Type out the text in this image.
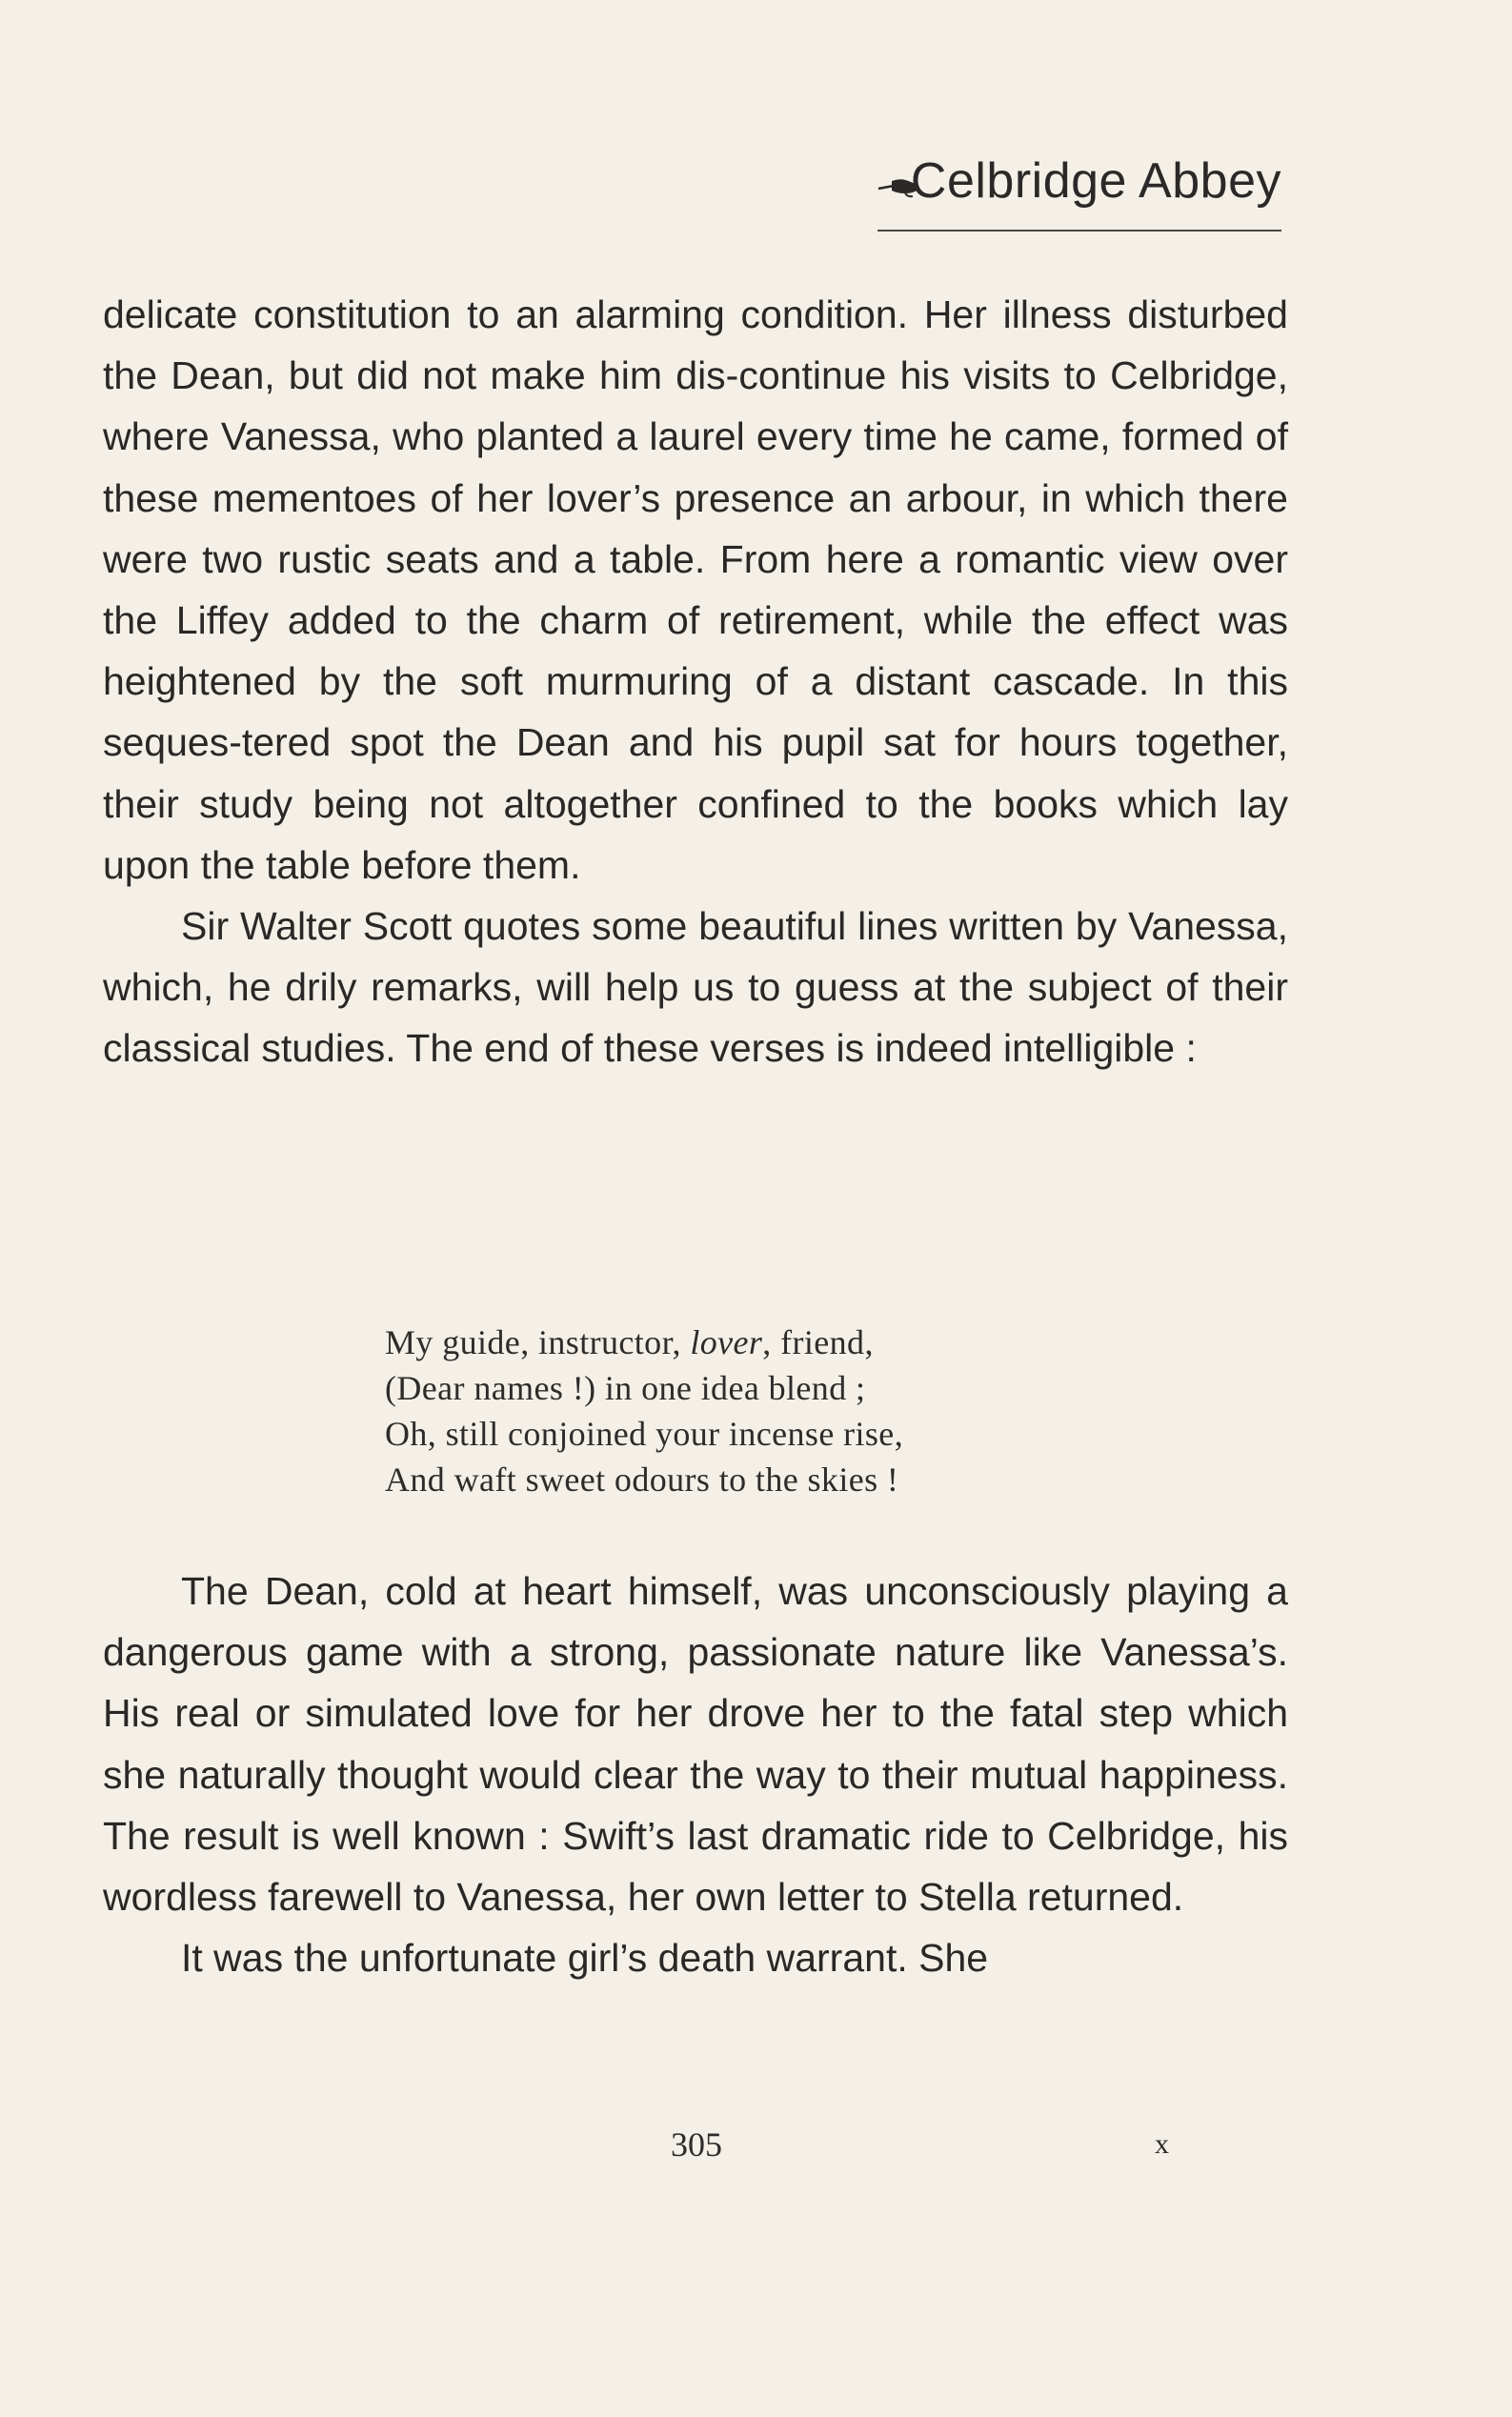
Celbridge Abbey

delicate constitution to an alarming condition. Her illness disturbed the Dean, but did not make him dis-continue his visits to Celbridge, where Vanessa, who planted a laurel every time he came, formed of these mementoes of her lover’s presence an arbour, in which there were two rustic seats and a table. From here a romantic view over the Liffey added to the charm of retirement, while the effect was heightened by the soft murmuring of a distant cascade. In this seques-tered spot the Dean and his pupil sat for hours together, their study being not altogether confined to the books which lay upon the table before them.

Sir Walter Scott quotes some beautiful lines written by Vanessa, which, he drily remarks, will help us to guess at the subject of their classical studies. The end of these verses is indeed intelligible :

My guide, instructor, lover, friend,
(Dear names !) in one idea blend ;
Oh, still conjoined your incense rise,
And waft sweet odours to the skies !

The Dean, cold at heart himself, was unconsciously playing a dangerous game with a strong, passionate nature like Vanessa’s. His real or simulated love for her drove her to the fatal step which she naturally thought would clear the way to their mutual happiness. The result is well known : Swift’s last dramatic ride to Celbridge, his wordless farewell to Vanessa, her own letter to Stella returned.

It was the unfortunate girl’s death warrant. She

305	x
